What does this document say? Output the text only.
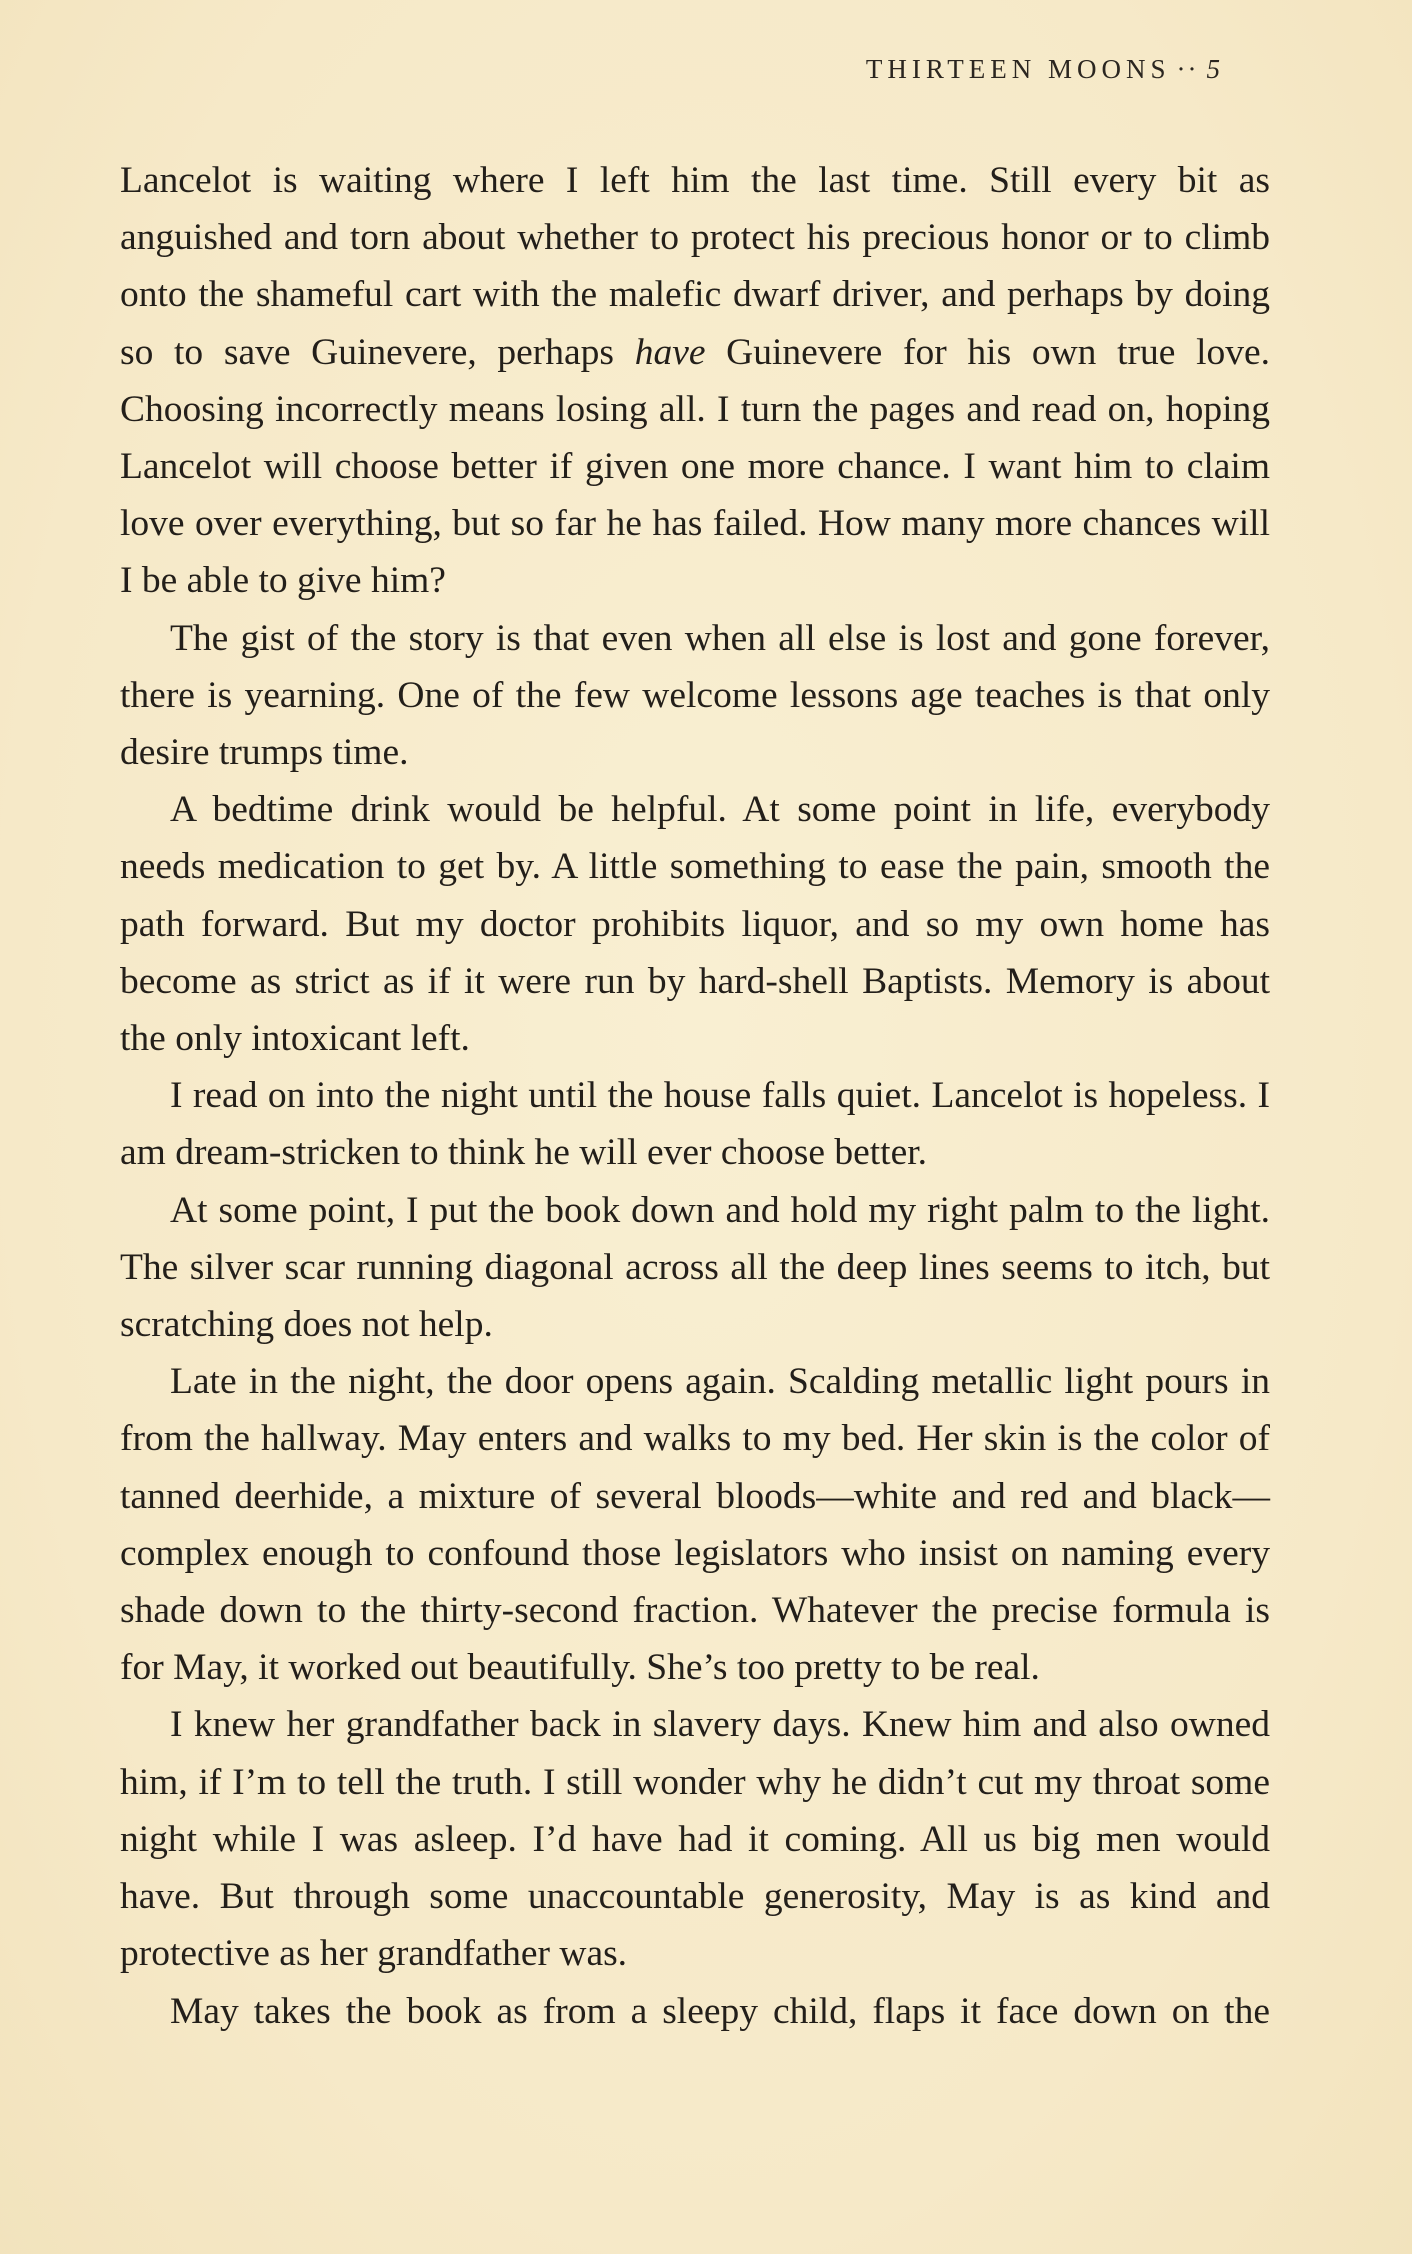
THIRTEEN MOONS ·· 5

Lancelot is waiting where I left him the last time. Still every bit as anguished and torn about whether to protect his precious honor or to climb onto the shameful cart with the malefic dwarf driver, and perhaps by doing so to save Guinevere, perhaps have Guinevere for his own true love. Choosing incorrectly means losing all. I turn the pages and read on, hoping Lancelot will choose better if given one more chance. I want him to claim love over everything, but so far he has failed. How many more chances will I be able to give him?

The gist of the story is that even when all else is lost and gone forever, there is yearning. One of the few welcome lessons age teaches is that only desire trumps time.

A bedtime drink would be helpful. At some point in life, everybody needs medication to get by. A little something to ease the pain, smooth the path forward. But my doctor prohibits liquor, and so my own home has become as strict as if it were run by hard-shell Baptists. Memory is about the only intoxicant left.

I read on into the night until the house falls quiet. Lancelot is hopeless. I am dream-stricken to think he will ever choose better.

At some point, I put the book down and hold my right palm to the light. The silver scar running diagonal across all the deep lines seems to itch, but scratching does not help.

Late in the night, the door opens again. Scalding metallic light pours in from the hallway. May enters and walks to my bed. Her skin is the color of tanned deerhide, a mixture of several bloods—white and red and black—complex enough to confound those legislators who insist on naming every shade down to the thirty-second fraction. Whatever the precise formula is for May, it worked out beautifully. She’s too pretty to be real.

I knew her grandfather back in slavery days. Knew him and also owned him, if I’m to tell the truth. I still wonder why he didn’t cut my throat some night while I was asleep. I’d have had it coming. All us big men would have. But through some unaccountable generosity, May is as kind and protective as her grandfather was.

May takes the book as from a sleepy child, flaps it face down on the
